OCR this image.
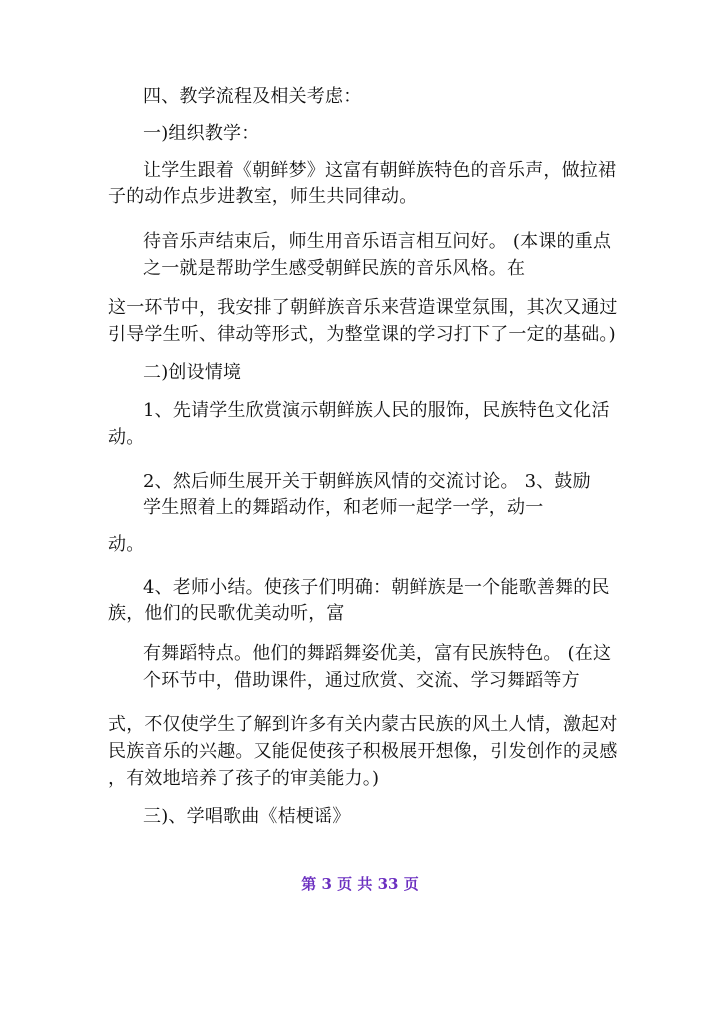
四、教学流程及相关考虑：
一)组织教学：
让学生跟着《朝鲜梦》这富有朝鲜族特色的音乐声，做拉裙
子的动作点步进教室，师生共同律动。
待音乐声结束后，师生用音乐语言相互问好。 (本课的重点
之一就是帮助学生感受朝鲜民族的音乐风格。在
这一环节中，我安排了朝鲜族音乐来营造课堂氛围，其次又通过
引导学生听、律动等形式，为整堂课的学习打下了一定的基础。)
二)创设情境
1、先请学生欣赏演示朝鲜族人民的服饰，民族特色文化活
动。
2、然后师生展开关于朝鲜族风情的交流讨论。 3、鼓励
学生照着上的舞蹈动作，和老师一起学一学，动一
动。
4、老师小结。使孩子们明确：朝鲜族是一个能歌善舞的民
族，他们的民歌优美动听，富
有舞蹈特点。他们的舞蹈舞姿优美，富有民族特色。 (在这
个环节中，借助课件，通过欣赏、交流、学习舞蹈等方
式，不仅使学生了解到许多有关内蒙古民族的风土人情，激起对
民族音乐的兴趣。又能促使孩子积极展开想像，引发创作的灵感
，有效地培养了孩子的审美能力。)
三)、学唱歌曲《桔梗谣》
第 3 页 共 33 页
